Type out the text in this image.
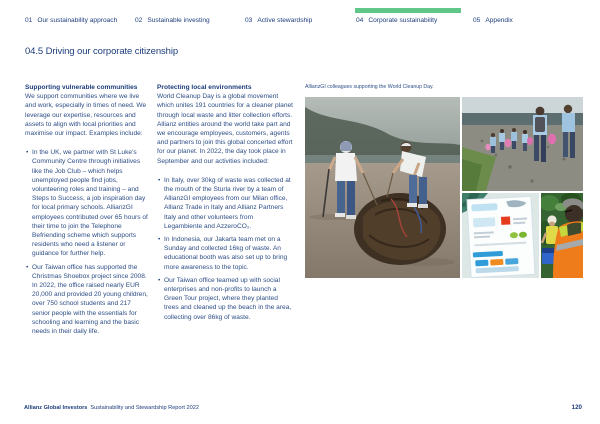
01 Our sustainability approach	02 Sustainable investing	03 Active stewardship	04 Corporate sustainability	05 Appendix
04.5 Driving our corporate citizenship
Supporting vulnerable communities

We support communities where we live and work, especially in times of need. We leverage our expertise, resources and assets to align with local priorities and maximise our impact. Examples include:

• In the UK, we partner with St Luke’s Community Centre through initiatives like the Job Club – which helps unemployed people find jobs, volunteering roles and training – and Steps to Success, a job inspiration day for local primary schools. AllianzGI employees contributed over 65 hours of their time to join the Telephone Befriending scheme which supports residents who need a listener or guidance for further help.
• Our Taiwan office has supported the Christmas Shoebox project since 2008. In 2022, the office raised nearly EUR 20,000 and provided 20 young children, over 750 school students and 217 senior people with the essentials for schooling and learning and the basic needs in their daily life.
Protecting local environments

World Cleanup Day is a global movement which unites 191 countries for a cleaner planet through local waste and litter collection efforts. Allianz entities around the world take part and we encourage employees, customers, agents and partners to join this global concerted effort for our planet. In 2022, the day took place in September and our activities included:

• In Italy, over 30kg of waste was collected at the mouth of the Sturla river by a team of AllianzGI employees from our Milan office, Allianz Trade in Italy and Allianz Partners Italy and other volunteers from Legambiente and AzzeroCO₂.
• In Indonesia, our Jakarta team met on a Sunday and collected 16kg of waste. An educational booth was also set up to bring more awareness to the topic.
• Our Taiwan office teamed up with social enterprises and non-profits to launch a Green Tour project, where they planted trees and cleaned up the beach in the area, collecting over 86kg of waste.
AllianzGI colleagues supporting the World Cleanup Day.
Allianz Global Investors Sustainability and Stewardship Report 2022	120
